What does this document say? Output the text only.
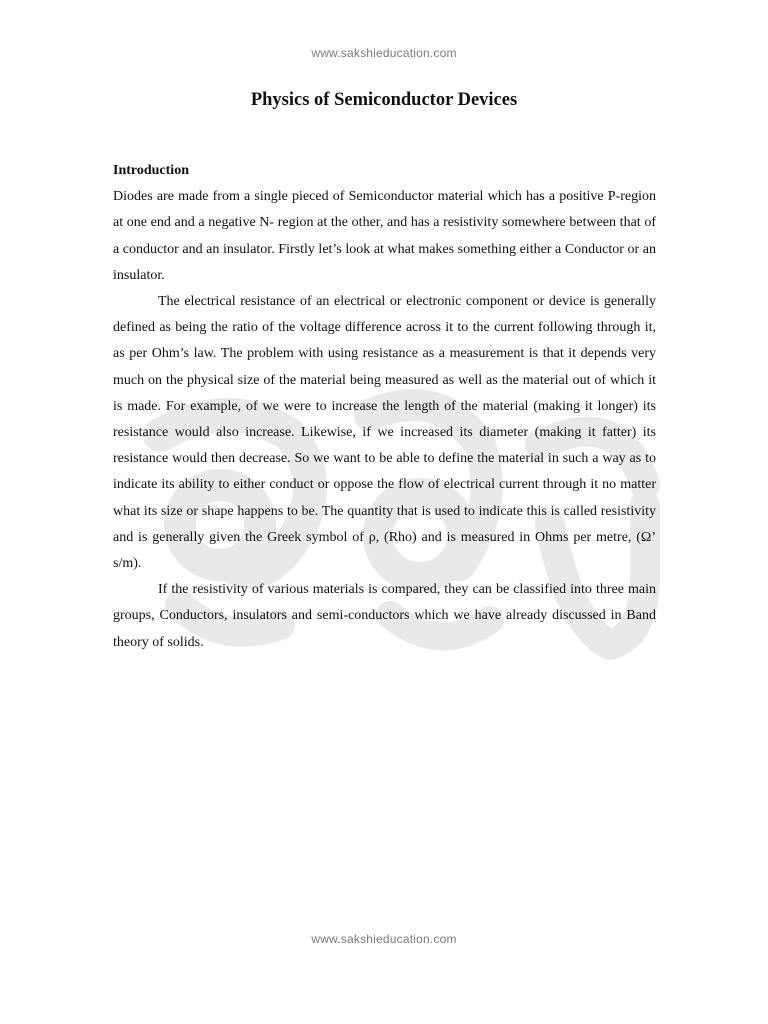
www.sakshieducation.com
Physics of Semiconductor Devices

Introduction

Diodes are made from a single pieced of Semiconductor material which has a positive P-region at one end and a negative N- region at the other, and has a resistivity somewhere between that of a conductor and an insulator. Firstly let’s look at what makes something either a Conductor or an insulator.

The electrical resistance of an electrical or electronic component or device is generally defined as being the ratio of the voltage difference across it to the current following through it, as per Ohm’s law. The problem with using resistance as a measurement is that it depends very much on the physical size of the material being measured as well as the material out of which it is made. For example, of we were to increase the length of the material (making it longer) its resistance would also increase. Likewise, if we increased its diameter (making it fatter) its resistance would then decrease. So we want to be able to define the material in such a way as to indicate its ability to either conduct or oppose the flow of electrical current through it no matter what its size or shape happens to be. The quantity that is used to indicate this is called resistivity and is generally given the Greek symbol of ρ, (Rho) and is measured in Ohms per metre, (Ω’ s/m).

If the resistivity of various materials is compared, they can be classified into three main groups, Conductors, insulators and semi-conductors which we have already discussed in Band theory of solids.

www.sakshieducation.com
